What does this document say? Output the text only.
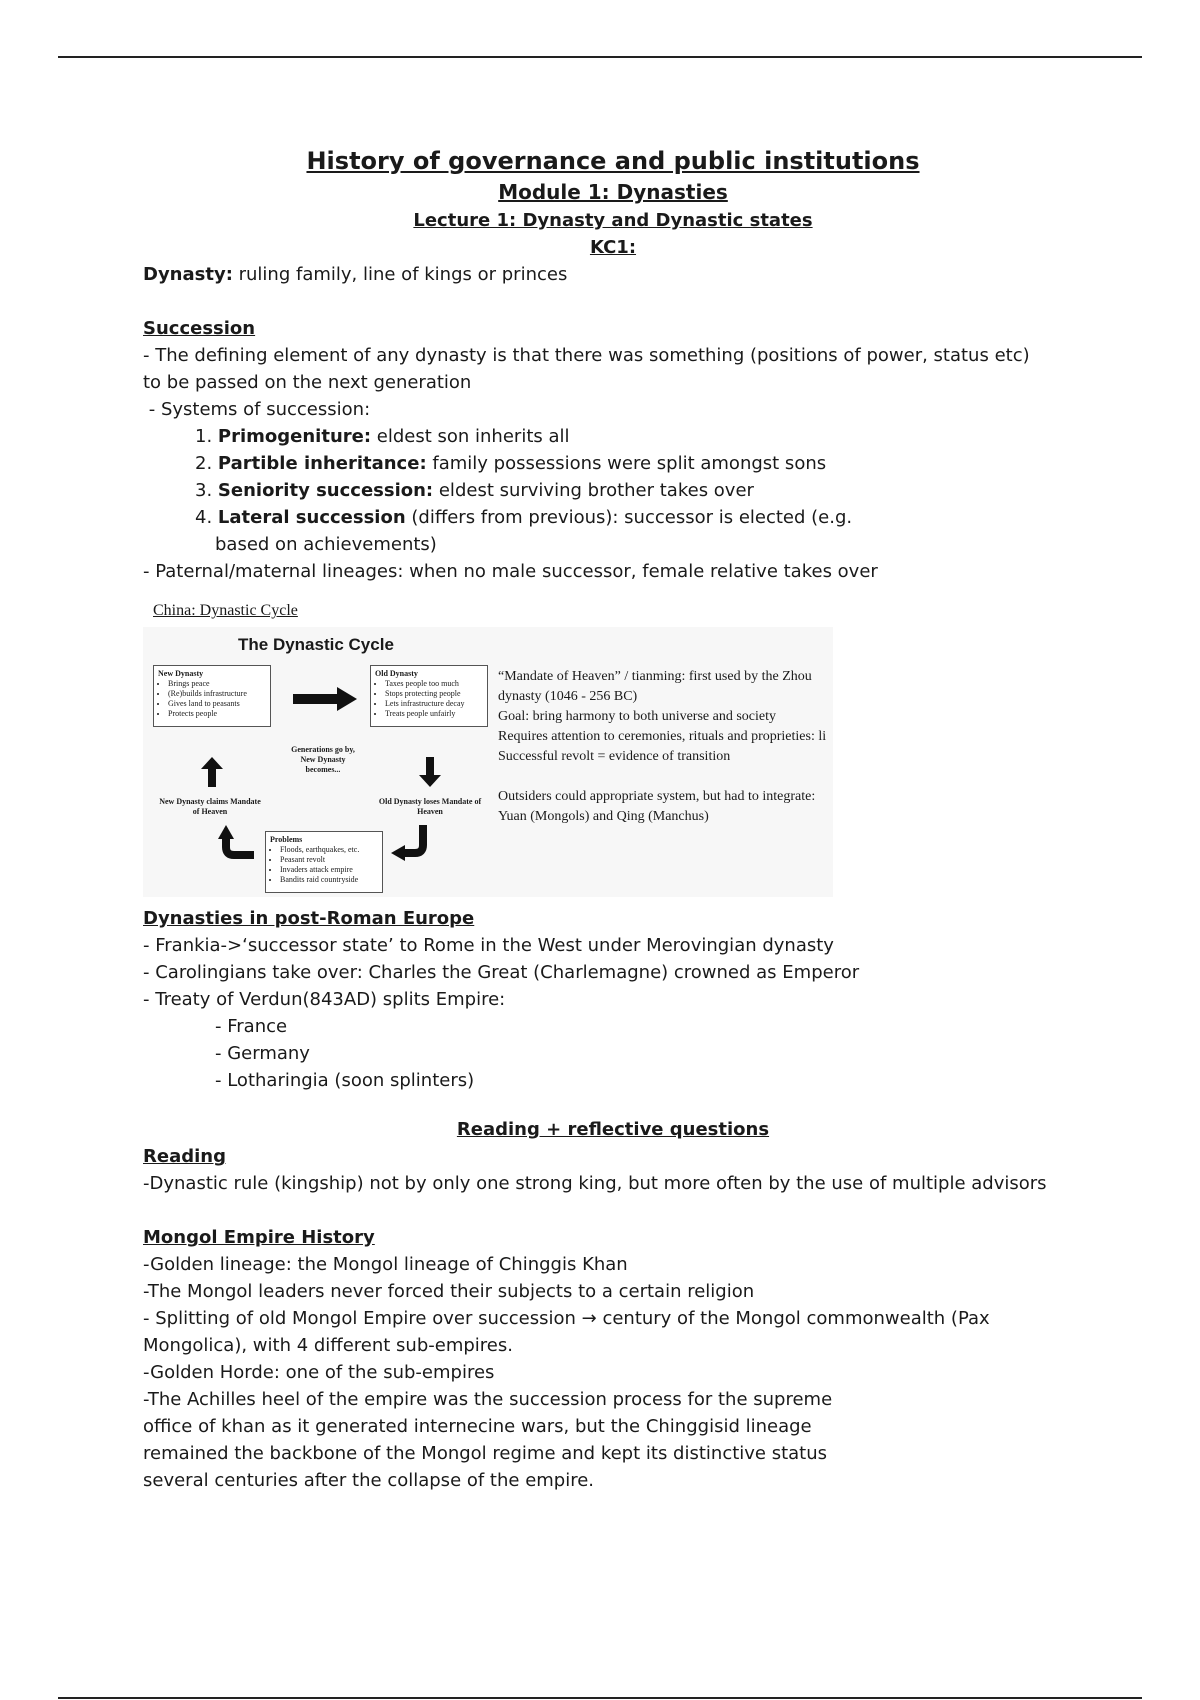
History of governance and public institutions
Module 1: Dynasties
Lecture 1: Dynasty and Dynastic states
KC1:
Dynasty: ruling family, line of kings or princes
Succession
- The defining element of any dynasty is that there was something (positions of power, status etc)
to be passed on the next generation
- Systems of succession:
1. Primogeniture: eldest son inherits all
2. Partible inheritance: family possessions were split amongst sons
3. Seniority succession: eldest surviving brother takes over
4. Lateral succession (differs from previous): successor is elected (e.g. based on achievements)
- Paternal/maternal lineages: when no male successor, female relative takes over
China: Dynastic Cycle
The Dynastic Cycle
New Dynasty
• Brings peace
• (Re)builds infrastructure
• Gives land to peasants
• Protects people
Old Dynasty
• Taxes people too much
• Stops protecting people
• Lets infrastructure decay
• Treats people unfairly
Problems
• Floods, earthquakes, etc.
• Peasant revolt
• Invaders attack empire
• Bandits raid countryside
Generations go by, New Dynasty becomes...
New Dynasty claims Mandate of Heaven
Old Dynasty loses Mandate of Heaven

“Mandate of Heaven” / tianming: first used by the Zhou dynasty (1046 - 256 BC)

Goal: bring harmony to both universe and society

Requires attention to ceremonies, rituals and proprieties: li

Successful revolt = evidence of transition

Outsiders could appropriate system, but had to integrate: Yuan (Mongols) and Qing (Manchus)

Dynasties in post-Roman Europe
- Frankia->‘successor state’ to Rome in the West under Merovingian dynasty
- Carolingians take over: Charles the Great (Charlemagne) crowned as Emperor
- Treaty of Verdun(843AD) splits Empire:
- France
- Germany
- Lotharingia (soon splinters)
Reading + reflective questions
Reading
-Dynastic rule (kingship) not by only one strong king, but more often by the use of multiple advisors
Mongol Empire History
-Golden lineage: the Mongol lineage of Chinggis Khan
-The Mongol leaders never forced their subjects to a certain religion
- Splitting of old Mongol Empire over succession → century of the Mongol commonwealth (Pax Mongolica), with 4 different sub-empires.
-Golden Horde: one of the sub-empires
-The Achilles heel of the empire was the succession process for the supreme
office of khan as it generated internecine wars, but the Chinggisid lineage
remained the backbone of the Mongol regime and kept its distinctive status
several centuries after the collapse of the empire.
